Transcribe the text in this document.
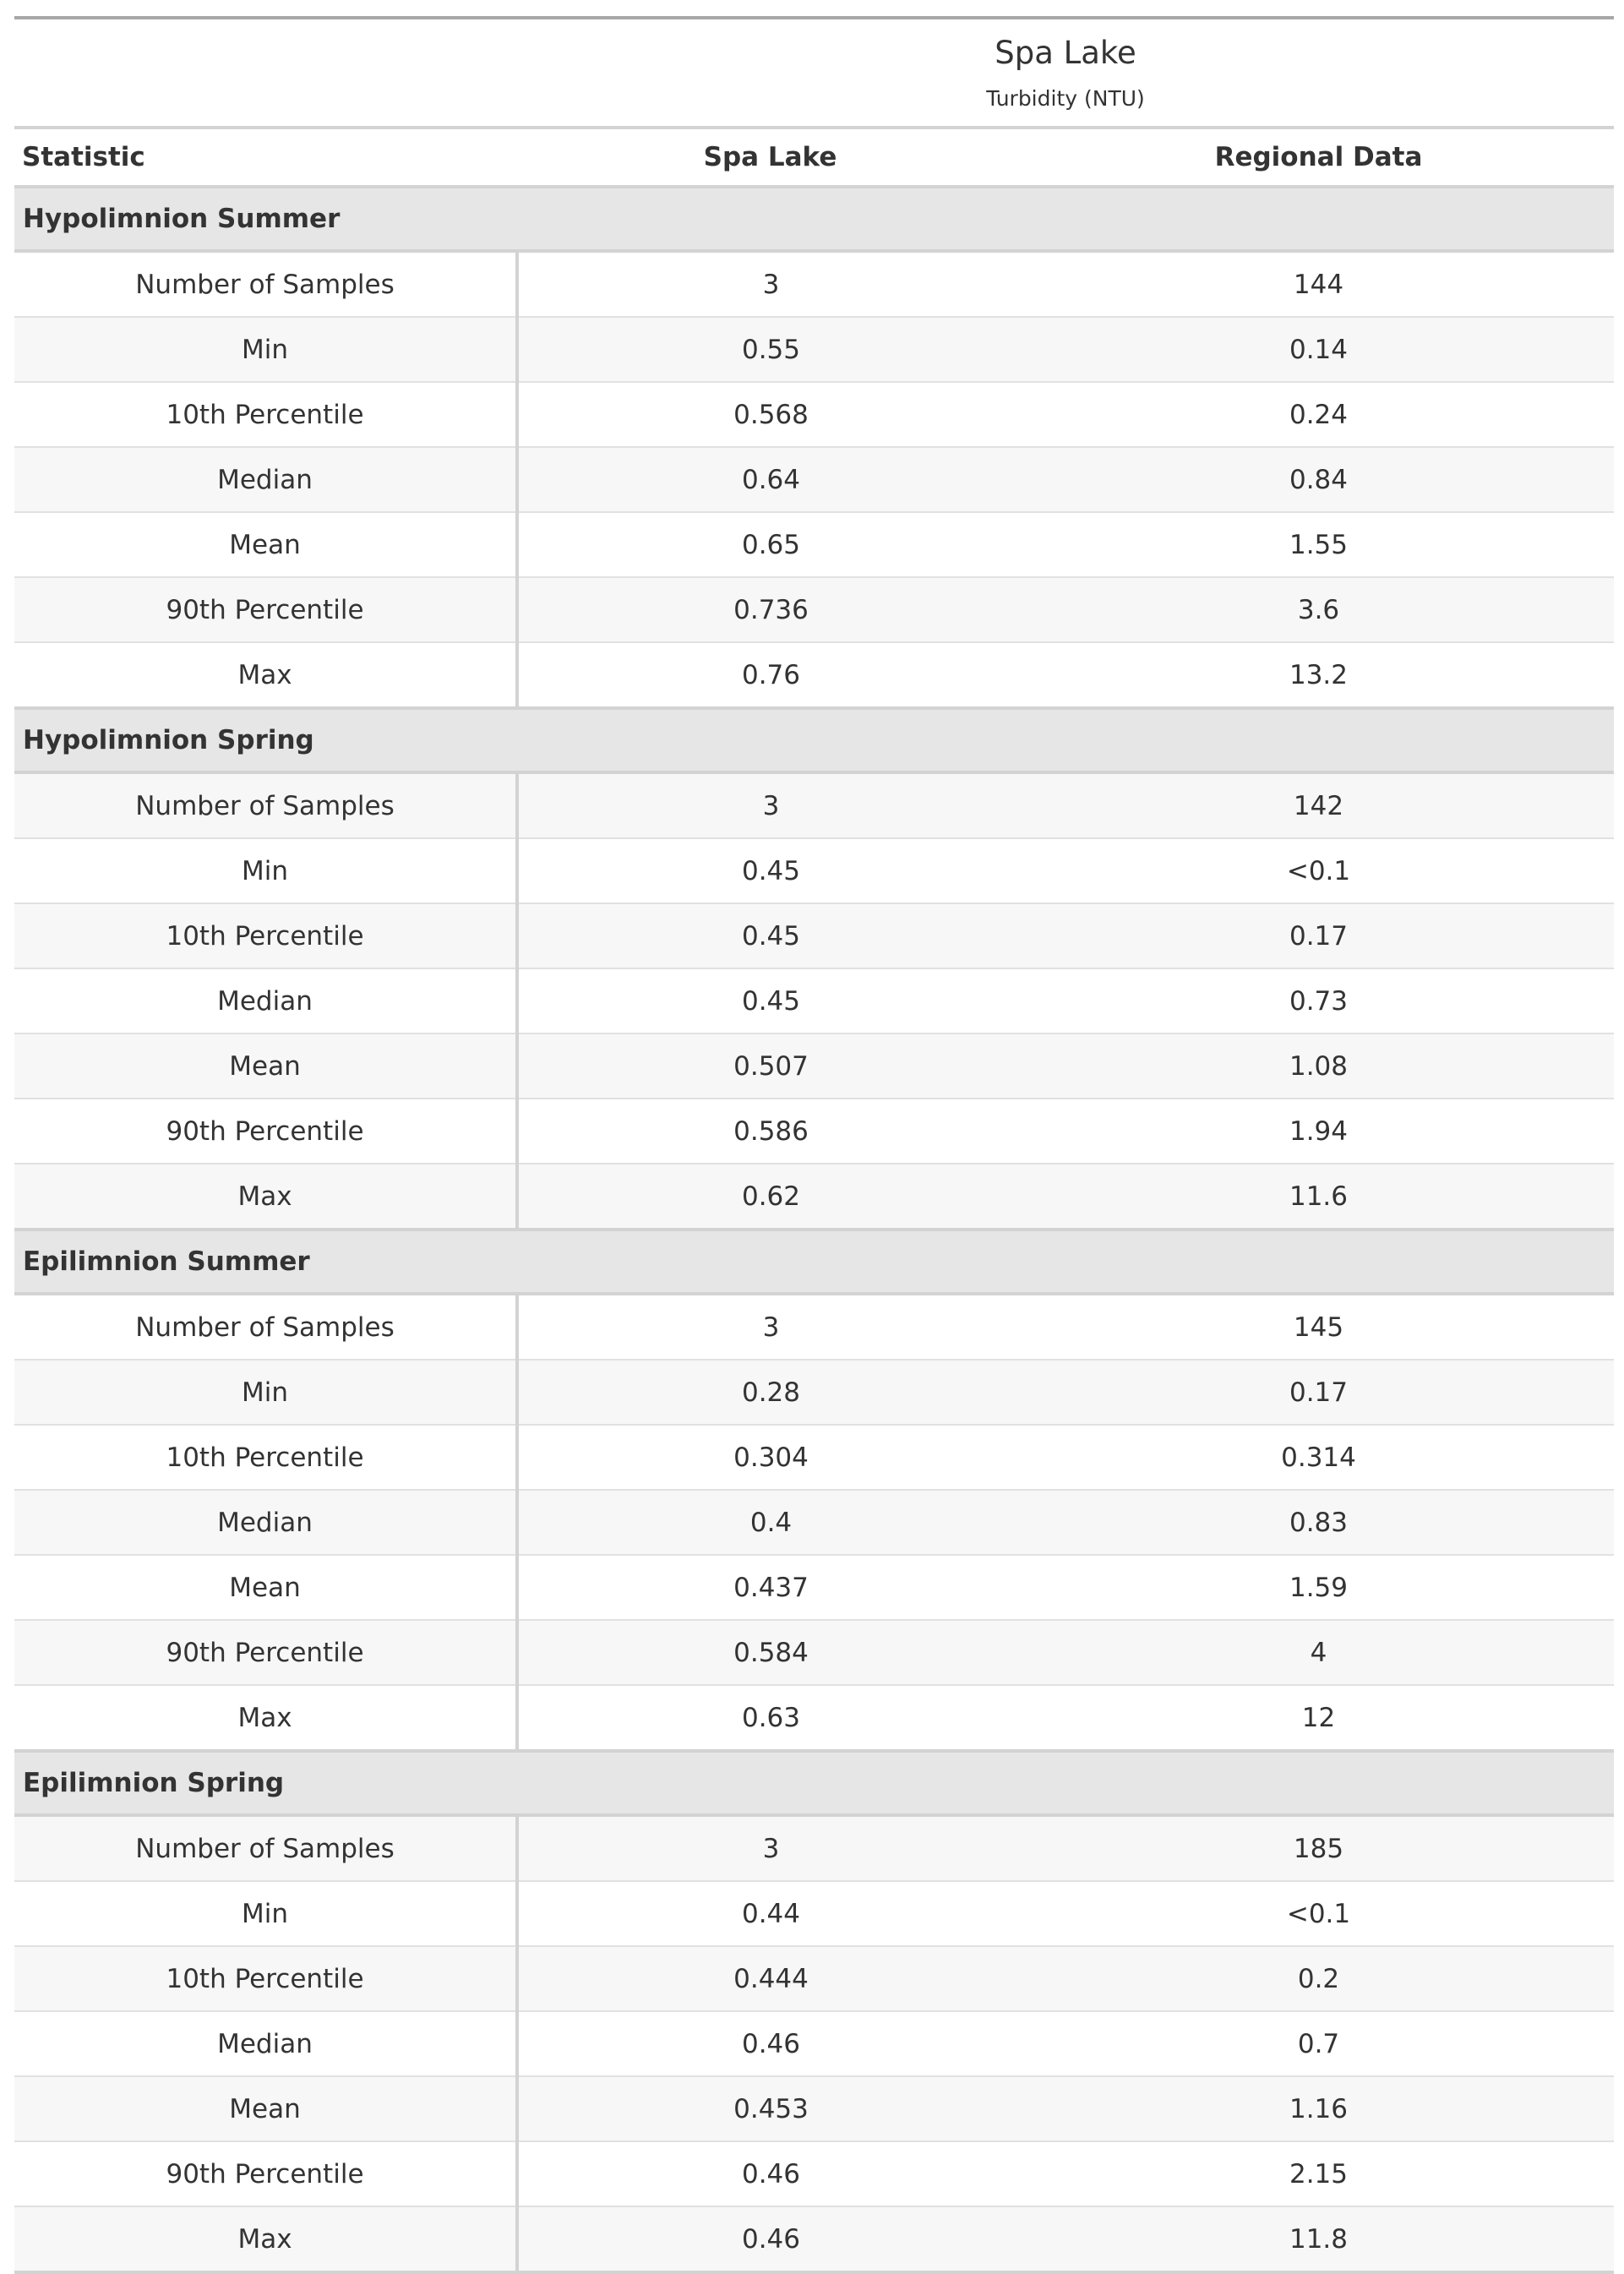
	Spa Lake	
	Turbidity (NTU)	
Statistic	Spa Lake	Regional Data
Hypolimnion Summer		
Number of Samples	3	144
Min	0.55	0.14
10th Percentile	0.568	0.24
Median	0.64	0.84
Mean	0.65	1.55
90th Percentile	0.736	3.6
Max	0.76	13.2
Hypolimnion Spring		
Number of Samples	3	142
Min	0.45	<0.1
10th Percentile	0.45	0.17
Median	0.45	0.73
Mean	0.507	1.08
90th Percentile	0.586	1.94
Max	0.62	11.6
Epilimnion Summer		
Number of Samples	3	145
Min	0.28	0.17
10th Percentile	0.304	0.314
Median	0.4	0.83
Mean	0.437	1.59
90th Percentile	0.584	4
Max	0.63	12
Epilimnion Spring		
Number of Samples	3	185
Min	0.44	<0.1
10th Percentile	0.444	0.2
Median	0.46	0.7
Mean	0.453	1.16
90th Percentile	0.46	2.15
Max	0.46	11.8
